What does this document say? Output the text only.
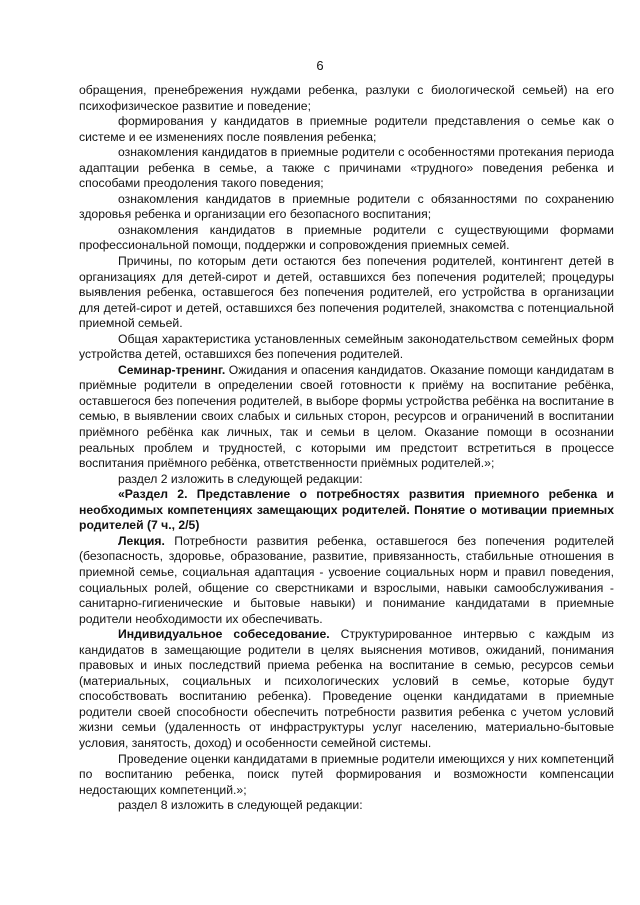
6

обращения, пренебрежения нуждами ребенка, разлуки с биологической семьей) на его психофизическое развитие и поведение;

формирования у кандидатов в приемные родители представления о семье как о системе и ее изменениях после появления ребенка;

ознакомления кандидатов в приемные родители с особенностями протекания периода адаптации ребенка в семье, а также с причинами «трудного» поведения ребенка и способами преодоления такого поведения;

ознакомления кандидатов в приемные родители с обязанностями по сохранению здоровья ребенка и организации его безопасного воспитания;

ознакомления кандидатов в приемные родители с существующими формами профессиональной помощи, поддержки и сопровождения приемных семей.

Причины, по которым дети остаются без попечения родителей, контингент детей в организациях для детей-сирот и детей, оставшихся без попечения родителей; процедуры выявления ребенка, оставшегося без попечения родителей, его устройства в организации для детей-сирот и детей, оставшихся без попечения родителей, знакомства с потенциальной приемной семьей.

Общая характеристика установленных семейным законодательством семейных форм устройства детей, оставшихся без попечения родителей.

Семинар-тренинг. Ожидания и опасения кандидатов. Оказание помощи кандидатам в приёмные родители в определении своей готовности к приёму на воспитание ребёнка, оставшегося без попечения родителей, в выборе формы устройства ребёнка на воспитание в семью, в выявлении своих слабых и сильных сторон, ресурсов и ограничений в воспитании приёмного ребёнка как личных, так и семьи в целом. Оказание помощи в осознании реальных проблем и трудностей, с которыми им предстоит встретиться в процессе воспитания приёмного ребёнка, ответственности приёмных родителей.»;

раздел 2 изложить в следующей редакции:

«Раздел 2. Представление о потребностях развития приемного ребенка и необходимых компетенциях замещающих родителей. Понятие о мотивации приемных родителей (7 ч., 2/5)

Лекция. Потребности развития ребенка, оставшегося без попечения родителей (безопасность, здоровье, образование, развитие, привязанность, стабильные отношения в приемной семье, социальная адаптация - усвоение социальных норм и правил поведения, социальных ролей, общение со сверстниками и взрослыми, навыки самообслуживания - санитарно-гигиенические и бытовые навыки) и понимание кандидатами в приемные родители необходимости их обеспечивать.

Индивидуальное собеседование. Структурированное интервью с каждым из кандидатов в замещающие родители в целях выяснения мотивов, ожиданий, понимания правовых и иных последствий приема ребенка на воспитание в семью, ресурсов семьи (материальных, социальных и психологических условий в семье, которые будут способствовать воспитанию ребенка). Проведение оценки кандидатами в приемные родители своей способности обеспечить потребности развития ребенка с учетом условий жизни семьи (удаленность от инфраструктуры услуг населению, материально-бытовые условия, занятость, доход) и особенности семейной системы.

Проведение оценки кандидатами в приемные родители имеющихся у них компетенций по воспитанию ребенка, поиск путей формирования и возможности компенсации недостающих компетенций.»;

раздел 8 изложить в следующей редакции:
